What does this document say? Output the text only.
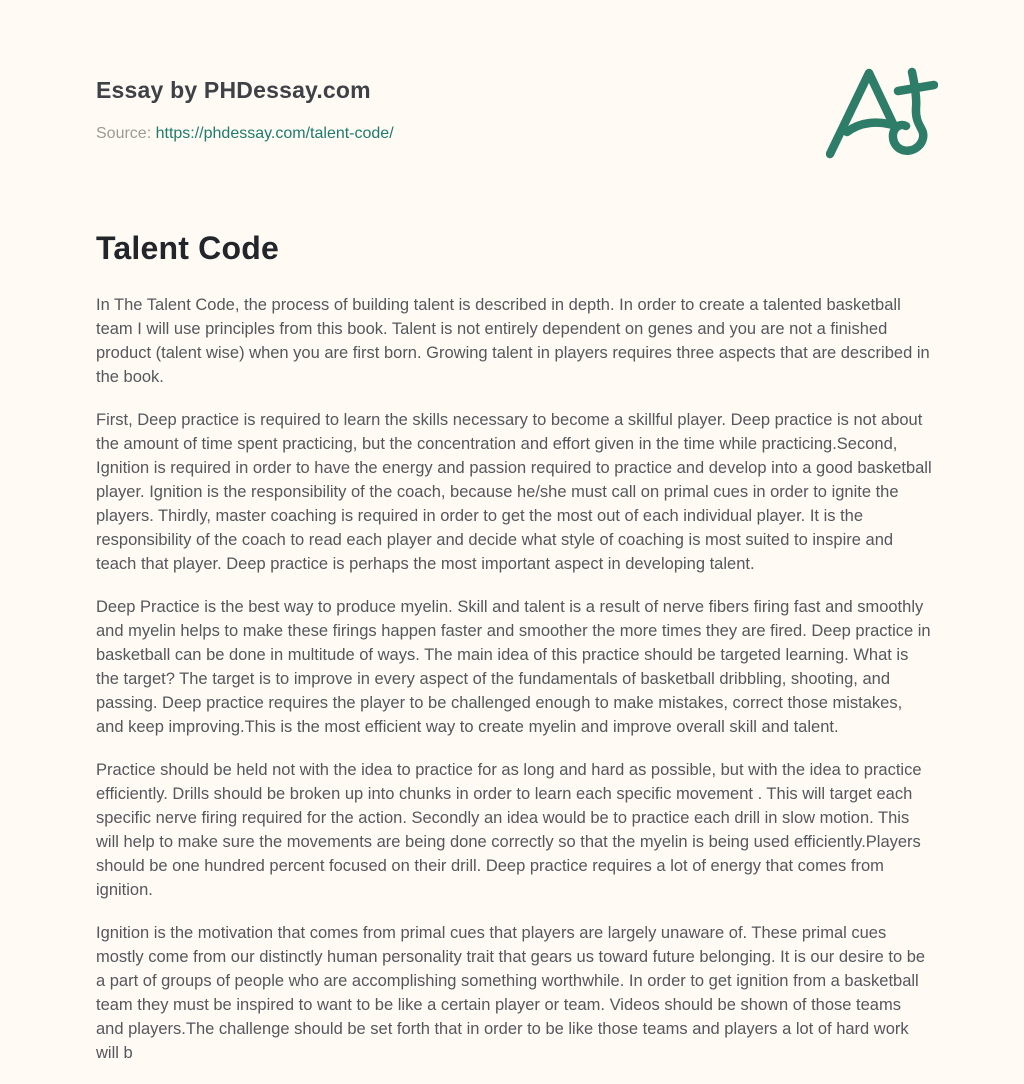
Essay by PHDessay.com
Source: https://phdessay.com/talent-code/
Talent Code

In The Talent Code, the process of building talent is described in depth. In order to create a talented basketball team I will use principles from this book. Talent is not entirely dependent on genes and you are not a finished product (talent wise) when you are first born. Growing talent in players requires three aspects that are described in the book.

First, Deep practice is required to learn the skills necessary to become a skillful player. Deep practice is not about the amount of time spent practicing, but the concentration and effort given in the time while practicing.Second, Ignition is required in order to have the energy and passion required to practice and develop into a good basketball player. Ignition is the responsibility of the coach, because he/she must call on primal cues in order to ignite the players. Thirdly, master coaching is required in order to get the most out of each individual player. It is the responsibility of the coach to read each player and decide what style of coaching is most suited to inspire and teach that player. Deep practice is perhaps the most important aspect in developing talent.

Deep Practice is the best way to produce myelin. Skill and talent is a result of nerve fibers firing fast and smoothly and myelin helps to make these firings happen faster and smoother the more times they are fired. Deep practice in basketball can be done in multitude of ways. The main idea of this practice should be targeted learning. What is the target? The target is to improve in every aspect of the fundamentals of basketball dribbling, shooting, and passing. Deep practice requires the player to be challenged enough to make mistakes, correct those mistakes, and keep improving.This is the most efficient way to create myelin and improve overall skill and talent.

Practice should be held not with the idea to practice for as long and hard as possible, but with the idea to practice efficiently. Drills should be broken up into chunks in order to learn each specific movement . This will target each specific nerve firing required for the action. Secondly an idea would be to practice each drill in slow motion. This will help to make sure the movements are being done correctly so that the myelin is being used efficiently.Players should be one hundred percent focused on their drill. Deep practice requires a lot of energy that comes from ignition.

Ignition is the motivation that comes from primal cues that players are largely unaware of. These primal cues mostly come from our distinctly human personality trait that gears us toward future belonging. It is our desire to be a part of groups of people who are accomplishing something worthwhile. In order to get ignition from a basketball team they must be inspired to want to be like a certain player or team. Videos should be shown of those teams and players.The challenge should be set forth that in order to be like those teams and players a lot of hard work will b
